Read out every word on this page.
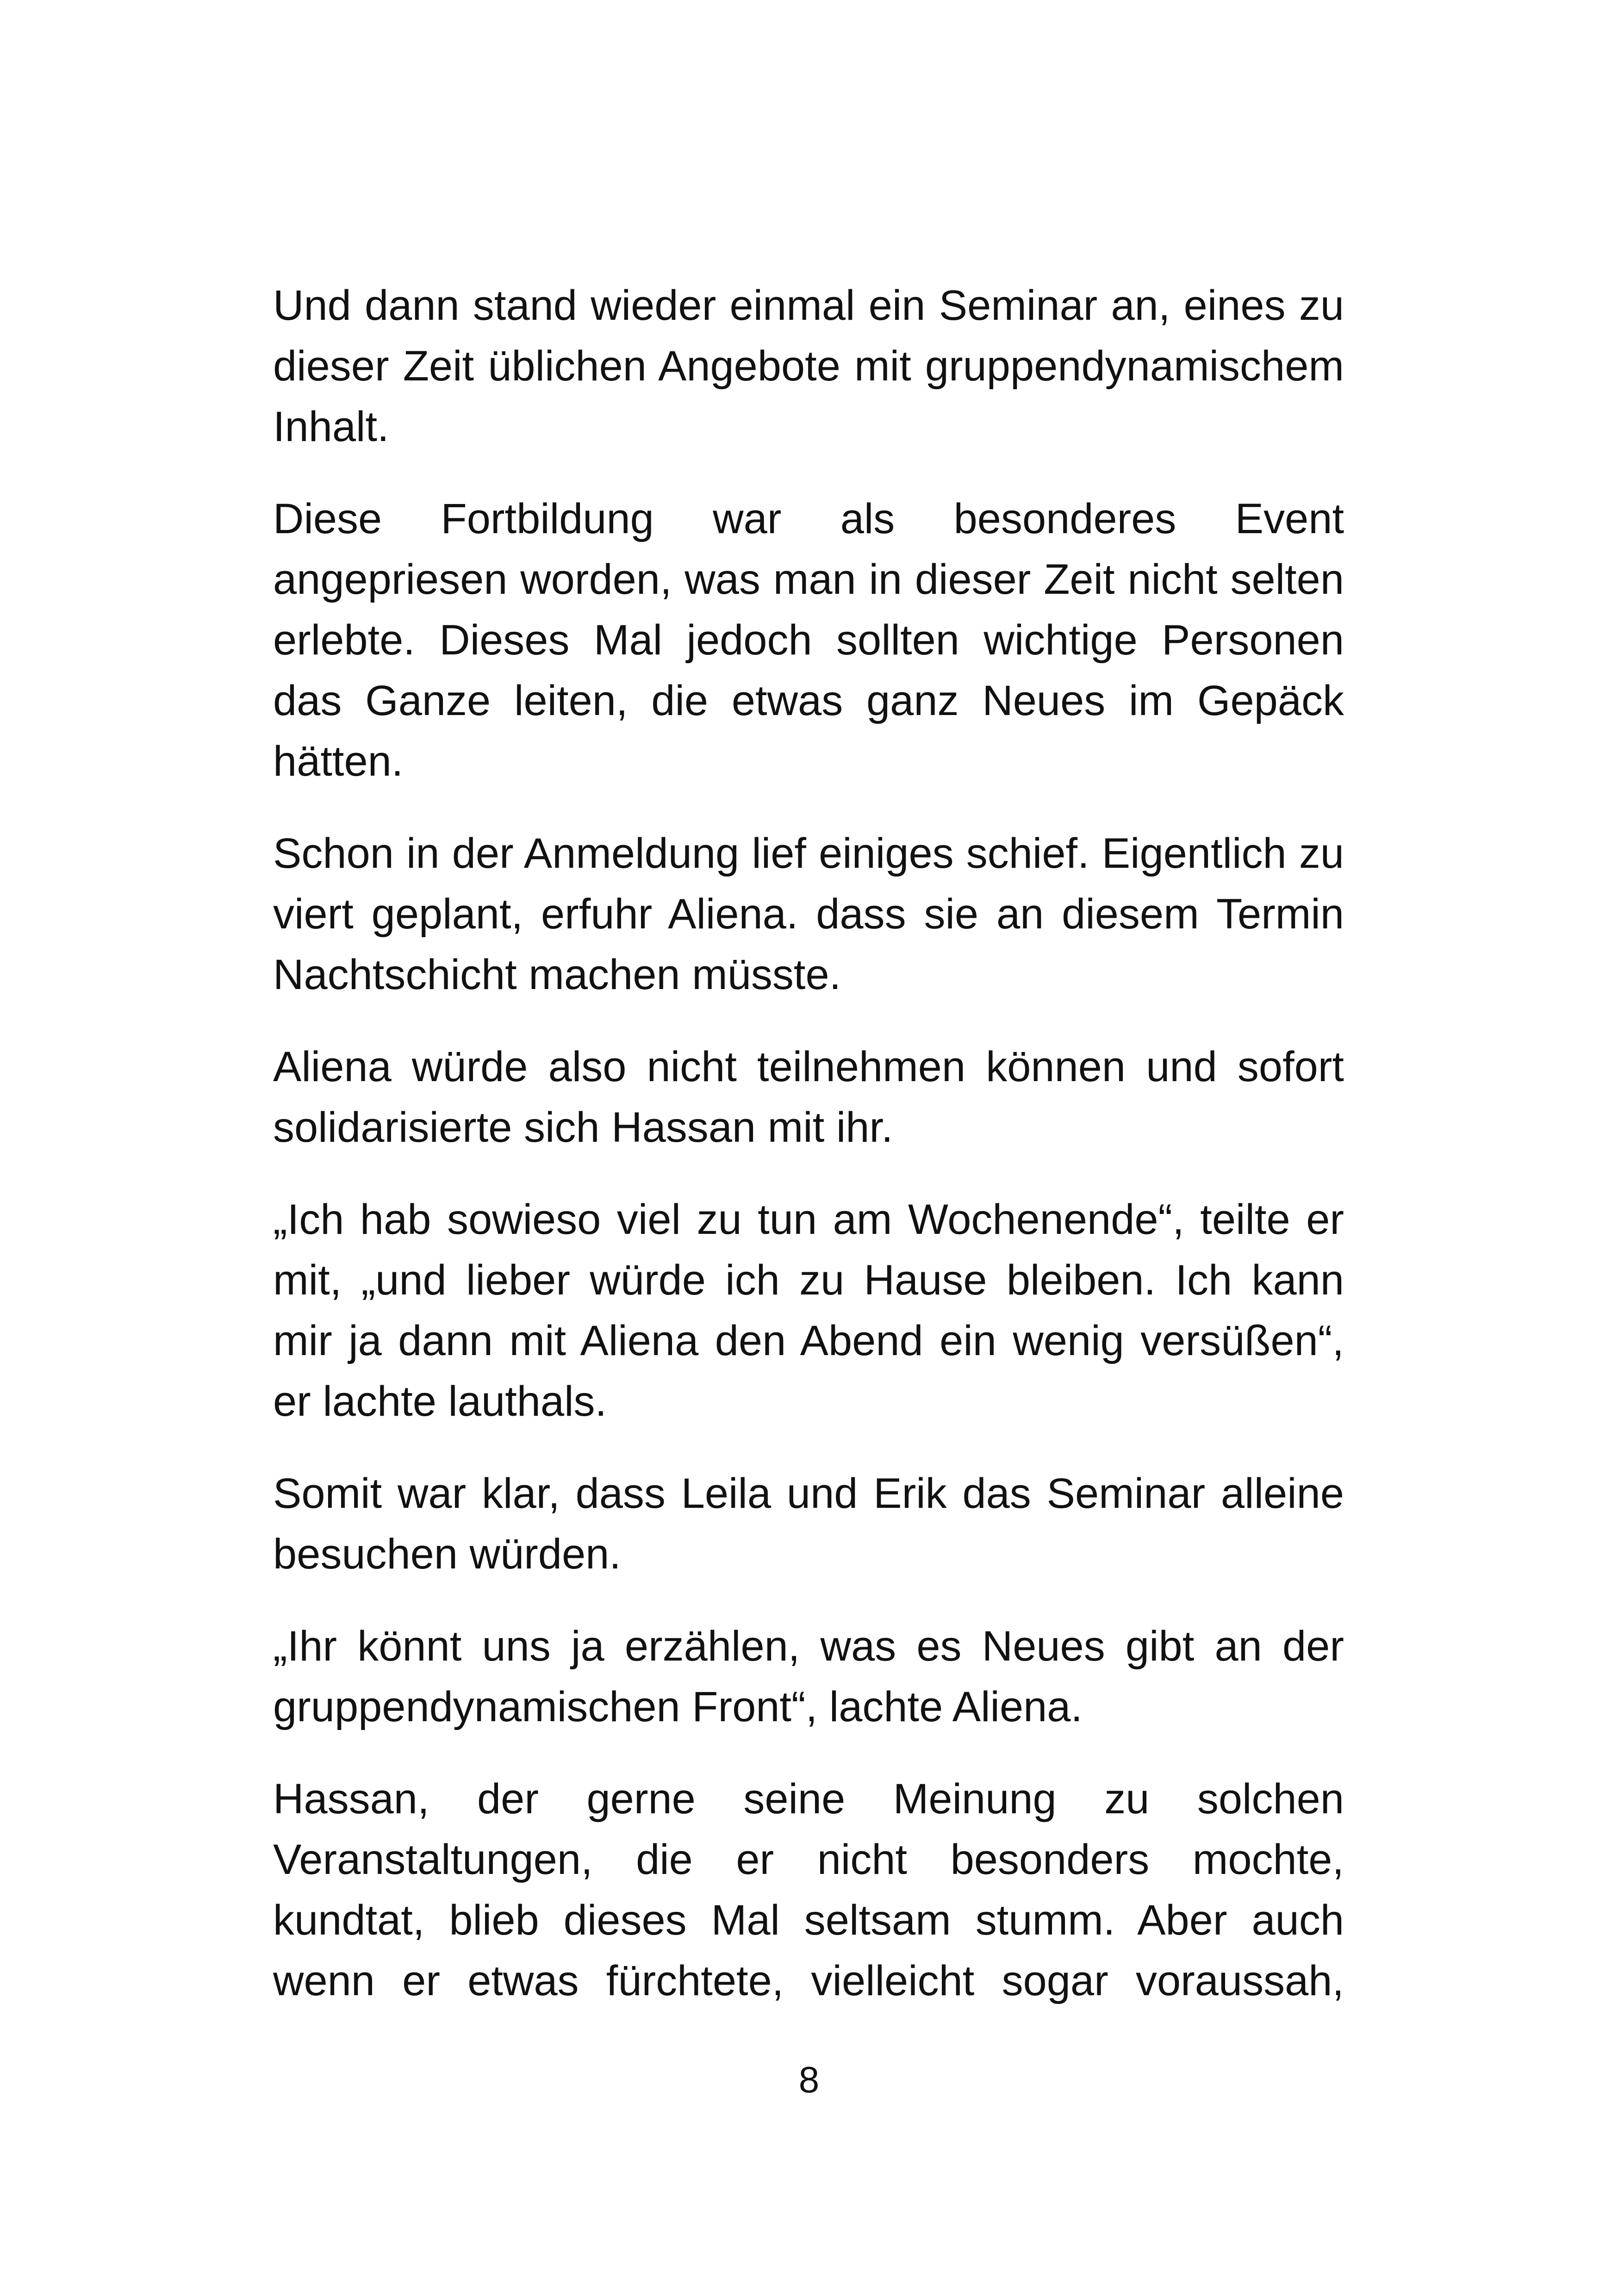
Und dann stand wieder einmal ein Seminar an, eines zu dieser Zeit üblichen Angebote mit gruppendynamischem Inhalt.

Diese Fortbildung war als besonderes Event angepriesen worden, was man in dieser Zeit nicht selten erlebte. Dieses Mal jedoch sollten wichtige Personen das Ganze leiten, die etwas ganz Neues im Gepäck hätten.

Schon in der Anmeldung lief einiges schief. Eigentlich zu viert geplant, erfuhr Aliena. dass sie an diesem Termin Nachtschicht machen müsste.

Aliena würde also nicht teilnehmen können und sofort solidarisierte sich Hassan mit ihr.

„Ich hab sowieso viel zu tun am Wochenende“, teilte er mit, „und lieber würde ich zu Hause bleiben. Ich kann mir ja dann mit Aliena den Abend ein wenig versüßen“, er lachte lauthals.

Somit war klar, dass Leila und Erik das Seminar alleine besuchen würden.

„Ihr könnt uns ja erzählen, was es Neues gibt an der gruppendynamischen Front“, lachte Aliena.

Hassan, der gerne seine Meinung zu solchen Veranstaltungen, die er nicht besonders mochte, kundtat, blieb dieses Mal seltsam stumm. Aber auch wenn er etwas fürchtete, vielleicht sogar voraussah,

8
